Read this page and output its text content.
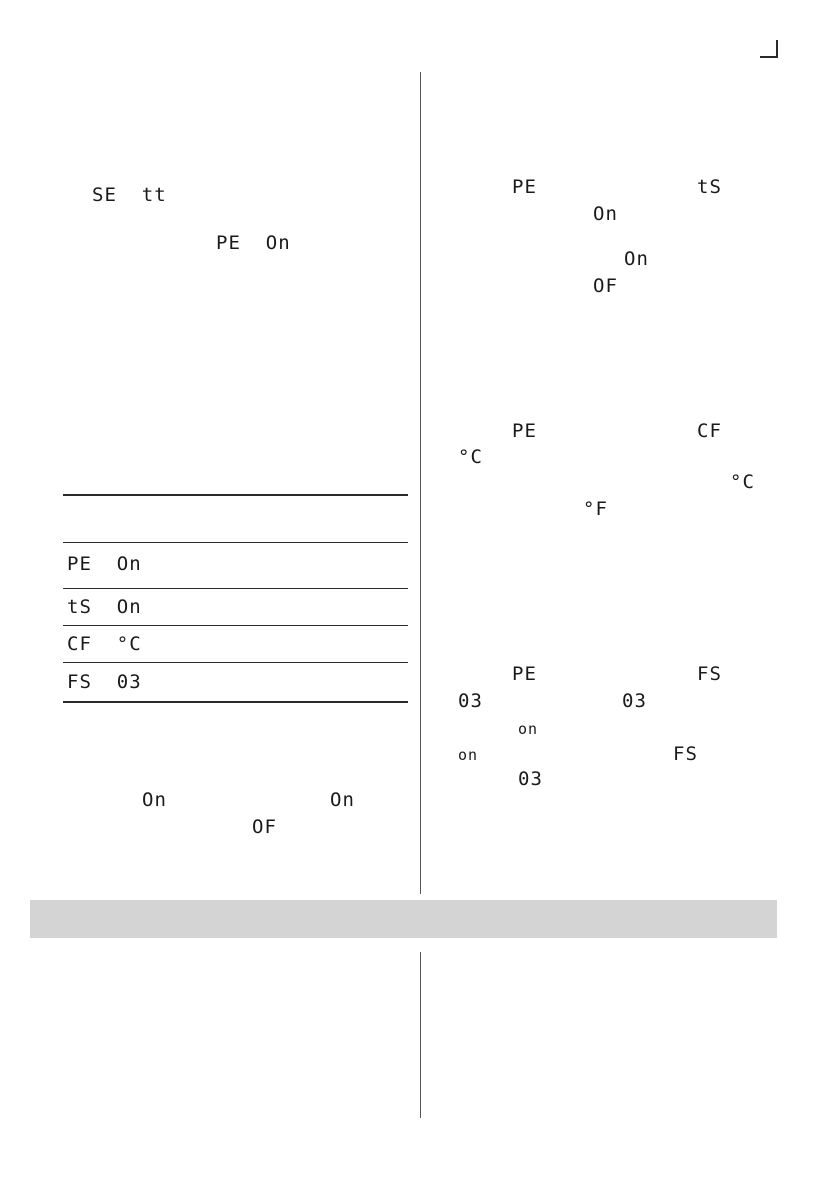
SE  tt
PE  On
PE  On
tS  On
CF  °C
FS  03
On	On
OF
PE	tS
On
On
OF
PE	CF
°C
°C
°F
PE	FS
03	03
on
on	FS
03
